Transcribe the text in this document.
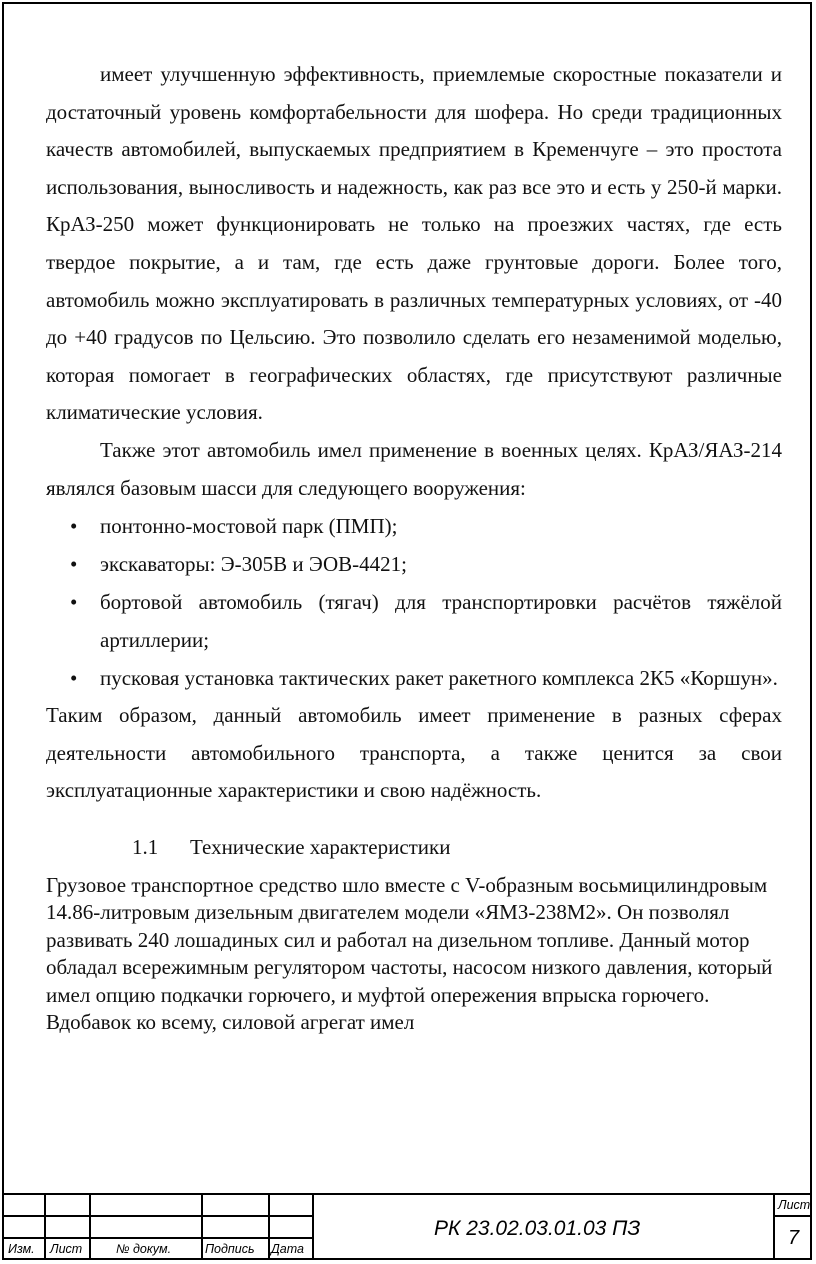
имеет улучшенную эффективность, приемлемые скоростные показатели и достаточный уровень комфортабельности для шофера. Но среди традиционных качеств автомобилей, выпускаемых предприятием в Кременчуге – это простота использования, выносливость и надежность, как раз все это и есть у 250-й марки. КрАЗ-250 может функционировать не только на проезжих частях, где есть твердое покрытие, а и там, где есть даже грунтовые дороги. Более того, автомобиль можно эксплуатировать в различных температурных условиях, от -40 до +40 градусов по Цельсию. Это позволило сделать его незаменимой моделью, которая помогает в географических областях, где присутствуют различные климатические условия.

Также этот автомобиль имел применение в военных целях. КрАЗ/ЯАЗ-214 являлся базовым шасси для следующего вооружения:

• понтонно-мостовой парк (ПМП);
• экскаваторы: Э-305В и ЭОВ-4421;
• бортовой автомобиль (тягач) для транспортировки расчётов тяжёлой артиллерии;
• пусковая установка тактических ракет ракетного комплекса 2К5 «Коршун».

Таким образом, данный автомобиль имеет применение в разных сферах деятельности автомобильного транспорта, а также ценится за свои эксплуатационные характеристики и свою надёжность.

1.1 Технические характеристики

Грузовое транспортное средство шло вместе с V-образным восьмицилиндровым 14.86-литровым дизельным двигателем модели «ЯМЗ-238М2». Он позволял развивать 240 лошадиных сил и работал на дизельном топливе. Данный мотор обладал всережимным регулятором частоты, насосом низкого давления, который имел опцию подкачки горючего, и муфтой опережения впрыска горючего. Вдобавок ко всему, силовой агрегат имел

Изм. Лист	№ докум.	Подпись Дата
РК 23.02.03.01.03 ПЗ
Лист
7
